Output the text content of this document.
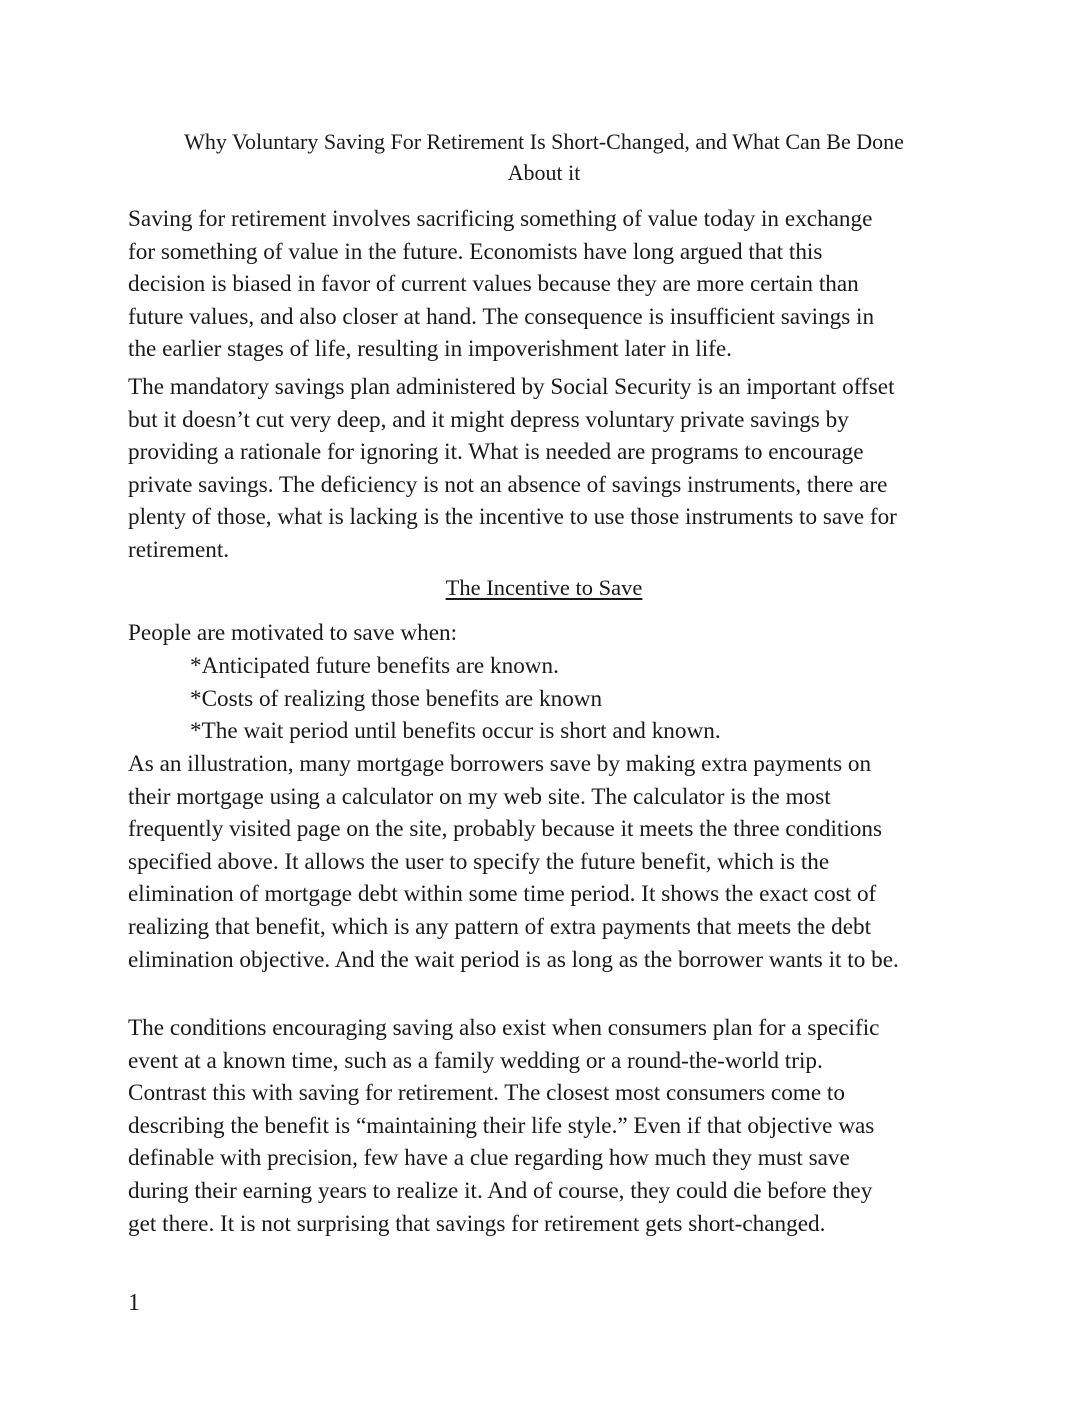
Why Voluntary Saving For Retirement Is Short-Changed, and What Can Be Done
About it

Saving for retirement involves sacrificing something of value today in exchange
for something of value in the future. Economists have long argued that this
decision is biased in favor of current values because they are more certain than
future values, and also closer at hand. The consequence is insufficient savings in
the earlier stages of life, resulting in impoverishment later in life.

The mandatory savings plan administered by Social Security is an important offset
but it doesn’t cut very deep, and it might depress voluntary private savings by
providing a rationale for ignoring it. What is needed are programs to encourage
private savings. The deficiency is not an absence of savings instruments, there are
plenty of those, what is lacking is the incentive to use those instruments to save for
retirement.

The Incentive to Save

People are motivated to save when:

*Anticipated future benefits are known.
*Costs of realizing those benefits are known
*The wait period until benefits occur is short and known.

As an illustration, many mortgage borrowers save by making extra payments on
their mortgage using a calculator on my web site. The calculator is the most
frequently visited page on the site, probably because it meets the three conditions
specified above. It allows the user to specify the future benefit, which is the
elimination of mortgage debt within some time period. It shows the exact cost of
realizing that benefit, which is any pattern of extra payments that meets the debt
elimination objective. And the wait period is as long as the borrower wants it to be.

The conditions encouraging saving also exist when consumers plan for a specific
event at a known time, such as a family wedding or a round-the-world trip.
Contrast this with saving for retirement. The closest most consumers come to
describing the benefit is “maintaining their life style.” Even if that objective was
definable with precision, few have a clue regarding how much they must save
during their earning years to realize it. And of course, they could die before they
get there. It is not surprising that savings for retirement gets short-changed.

1
